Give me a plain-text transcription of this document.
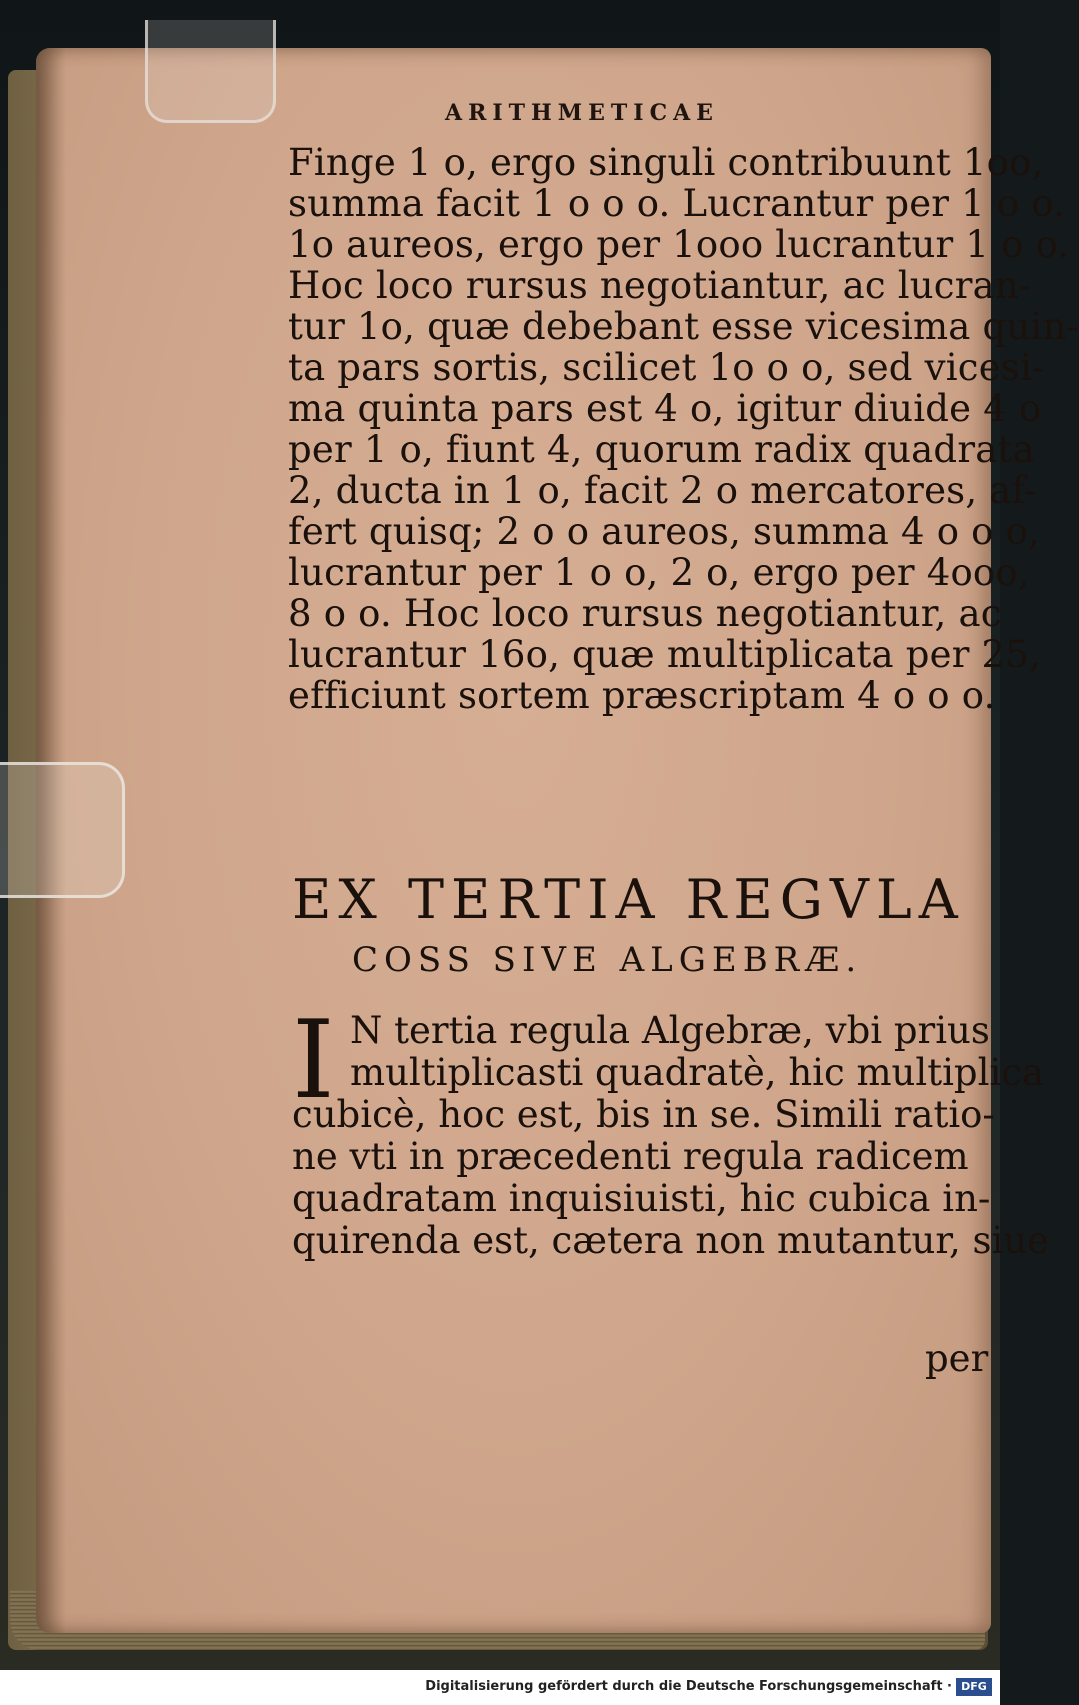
ARITHMETICAE
Finge 1 o, ergo singuli contribuunt 1oo,
summa facit 1 o o o. Lucrantur per 1 o o.
1o aureos, ergo per 1ooo lucrantur 1 o o.
Hoc loco rursus negotiantur, ac lucran-
tur 1o, quæ debebant esse vicesima quin-
ta pars sortis, scilicet 1o o o, sed vicesi-
ma quinta pars est 4 o, igitur diuide 4 o
per 1 o, fiunt 4, quorum radix quadrata
2, ducta in 1 o, facit 2 o mercatores, af-
fert quisq; 2 o o aureos, summa 4 o o o,
lucrantur per 1 o o, 2 o, ergo per 4ooo,
8 o o. Hoc loco rursus negotiantur, ac
lucrantur 16o, quæ multiplicata per 25,
efficiunt sortem præscriptam 4 o o o.
EX TERTIA REGVLA
COSS SIVE ALGEBRÆ.
I N tertia regula Algebræ, vbi prius
multiplicasti quadratè, hic multiplica
cubicè, hoc est, bis in se. Simili ratio-
ne vti in præcedenti regula radicem
quadratam inquisiuisti, hic cubica in-
quirenda est, cætera non mutantur, siue
per
Digitalisierung gefördert durch die Deutsche Forschungsgemeinschaft · DFG
